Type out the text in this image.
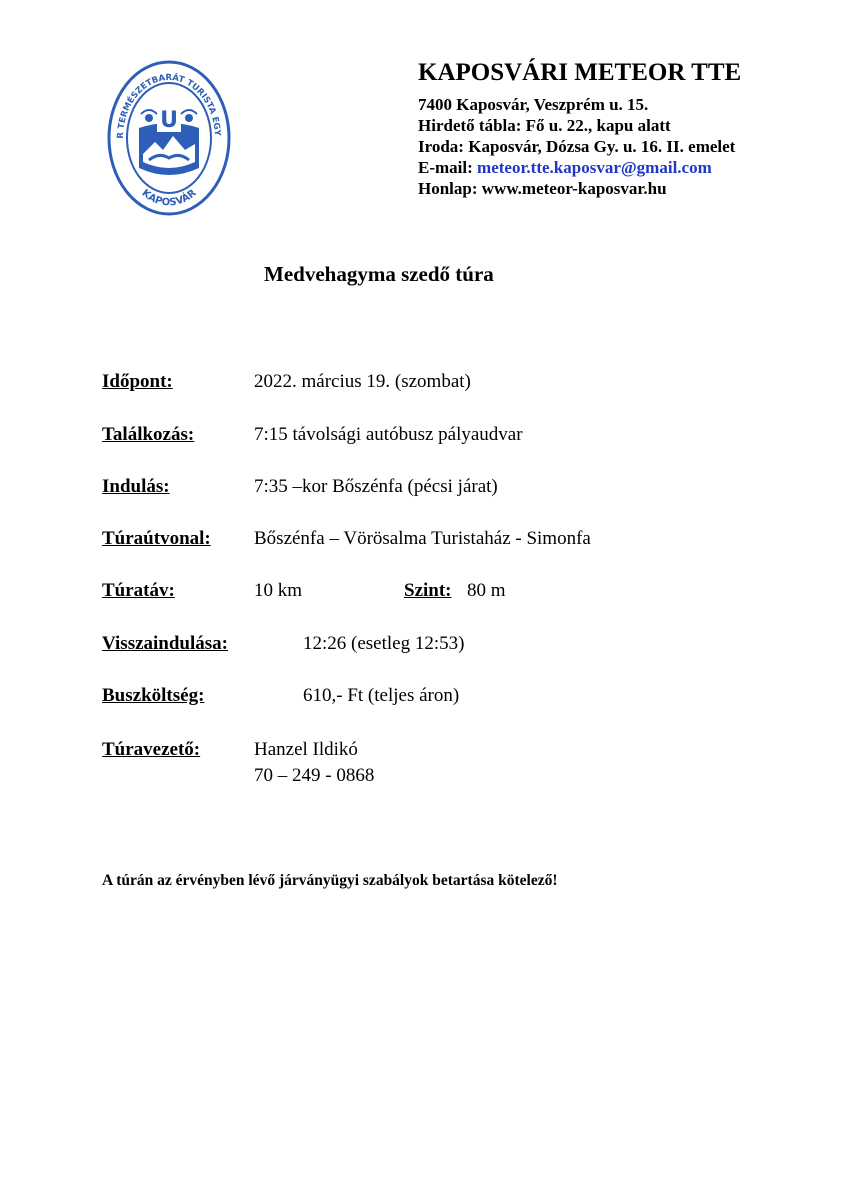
R TERMÉSZETBARÁT TURISTA EGY
KAPOSVÁR
U
KAPOSVÁRI METEOR TTE
7400 Kaposvár, Veszprém u. 15.
Hirdető tábla: Fő u. 22., kapu alatt
Iroda: Kaposvár, Dózsa Gy. u. 16. II. emelet
E-mail: meteor.tte.kaposvar@gmail.com
Honlap: www.meteor-kaposvar.hu
Medvehagyma szedő túra
Időpont:	2022. március 19. (szombat)
Találkozás:	7:15 távolsági autóbusz pályaudvar
Indulás:	7:35 –kor Bőszénfa (pécsi járat)
Túraútvonal: Bőszénfa – Vörösalma Turistaház - Simonfa
Túratáv:	10 km	Szint: 80 m
Visszaindulása:	12:26 (esetleg 12:53)
Buszköltség:	610,- Ft (teljes áron)
Túravezető:	Hanzel Ildikó
70 – 249 - 0868
A túrán az érvényben lévő járványügyi szabályok betartása kötelező!
